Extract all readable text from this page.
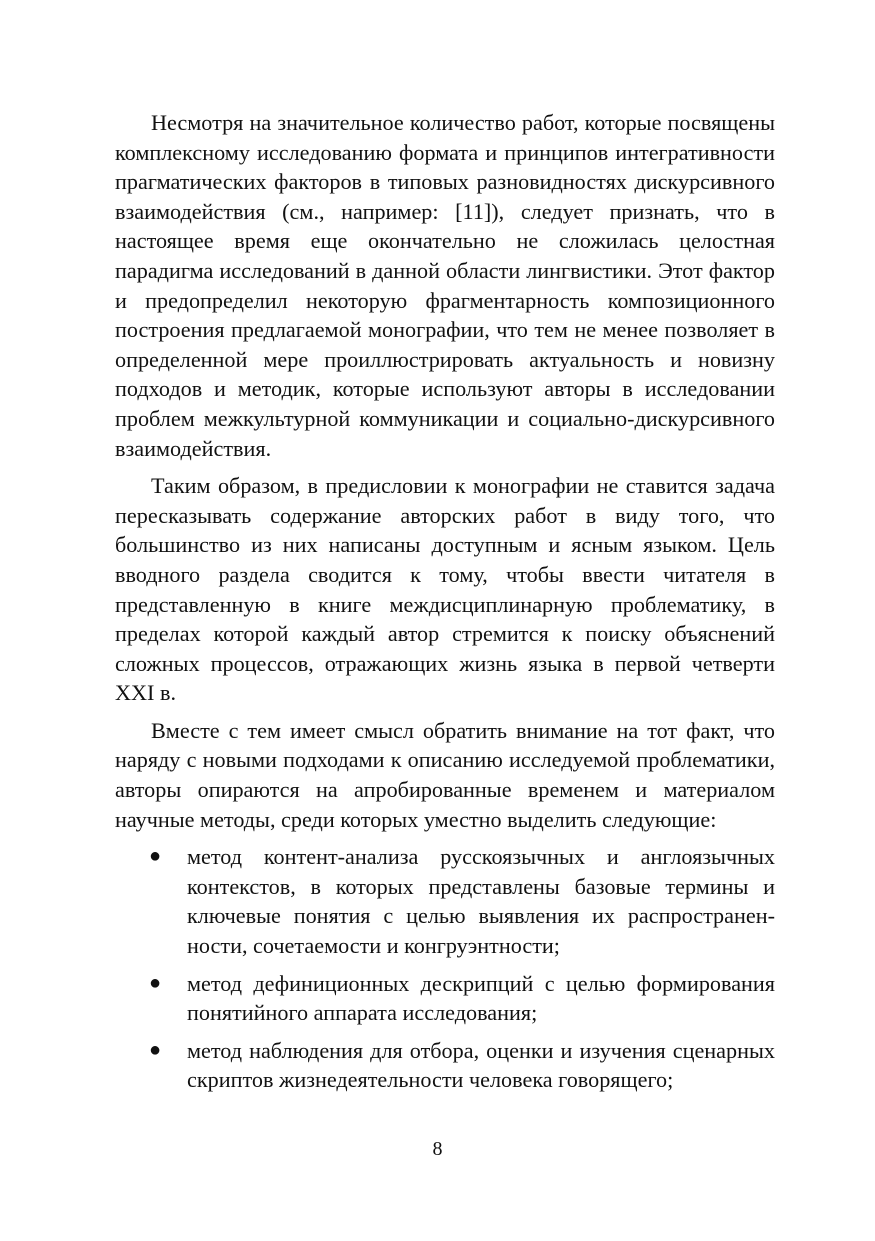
Несмотря на значительное количество работ, которые посвящены комплексному исследованию формата и принципов интегративности прагматических факторов в типовых разновидностях дискурсивного взаимодействия (см., например: [11]), следует признать, что в настоящее время еще окончательно не сложилась целостная парадигма исследований в данной области лингвистики. Этот фактор и предопределил некоторую фрагментарность композиционного построения предлагаемой монографии, что тем не менее позволяет в определенной мере проиллюстрировать актуальность и новизну подходов и методик, которые используют авторы в исследовании проблем межкультурной коммуникации и социально-дискурсивного взаимодействия.

Таким образом, в предисловии к монографии не ставится задача пересказывать содержание авторских работ в виду того, что большинство из них написаны доступным и ясным языком. Цель вводного раздела сводится к тому, чтобы ввести читателя в представленную в книге междисциплинарную проблематику, в пределах которой каждый автор стремится к поиску объяснений сложных процессов, отражающих жизнь языка в первой четверти XXI в.

Вместе с тем имеет смысл обратить внимание на тот факт, что наряду с новыми подходами к описанию исследуемой проблематики, авторы опираются на апробированные временем и материалом научные методы, среди которых уместно выделить следующие:

● метод контент-анализа русскоязычных и англоязычных контекстов, в которых представлены базовые термины и ключевые понятия с целью выявления их распространенности, сочетаемости и конгруэнтности;
● метод дефиниционных дескрипций с целью формирования понятийного аппарата исследования;
● метод наблюдения для отбора, оценки и изучения сценарных скриптов жизнедеятельности человека говорящего;
8
